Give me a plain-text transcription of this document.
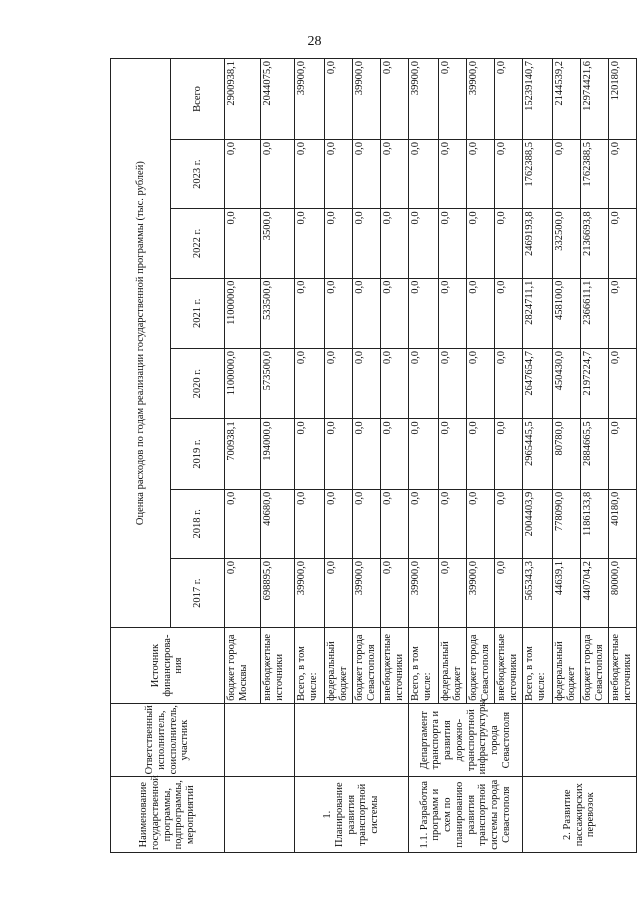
28
Наименование государственной программы, подпрограммы, мероприятий	Ответственный исполнитель, соисполнитель, участник	Источник финансирова-ния	Оценка расходов по годам реализации государственной программы (тыс. рублей)							
			2017 г.	2018 г.	2019 г.	2020 г.	2021 г.	2022 г.	2023 г.	Всего
		бюджет города Москвы	0,0	0,0	700938,1	1100000,0	1100000,0	0,0	0,0	2900938,1
		внебюджетные источники	698895,0	40680,0	194000,0	573500,0	533500,0	3500,0	0,0	2044075,0
1. Планирование развития транспортной системы		Всего, в том числе:	39900,0	0,0	0,0	0,0	0,0	0,0	0,0	39900,0
		федеральный бюджет	0,0	0,0	0,0	0,0	0,0	0,0	0,0	0,0
		бюджет города Севастополя	39900,0	0,0	0,0	0,0	0,0	0,0	0,0	39900,0
		внебюджетные источники	0,0	0,0	0,0	0,0	0,0	0,0	0,0	0,0
1.1. Разработка программ и схем по планированию развития транспортной системы города Севастополя	Департамент транспорта и развития дорожно-транспортной инфраструктуры города Севастополя	Всего, в том числе:	39900,0	0,0	0,0	0,0	0,0	0,0	0,0	39900,0
		федеральный бюджет	0,0	0,0	0,0	0,0	0,0	0,0	0,0	0,0
		бюджет города Севастополя	39900,0	0,0	0,0	0,0	0,0	0,0	0,0	39900,0
		внебюджетные источники	0,0	0,0	0,0	0,0	0,0	0,0	0,0	0,0
2. Развитие пассажирских перевозок		Всего, в том числе:	565343,3	2004403,9	2965445,5	2647654,7	2824711,1	2469193,8	1762388,5	15239140,7
		федеральный бюджет	44639,1	778090,0	80780,0	450430,0	458100,0	332500,0	0,0	2144539,2
		бюджет города Севастополя	440704,2	1186133,8	2884665,5	2197224,7	2366611,1	2136693,8	1762388,5	12974421,6
		внебюджетные источники	80000,0	40180,0	0,0	0,0	0,0	0,0	0,0	120180,0
